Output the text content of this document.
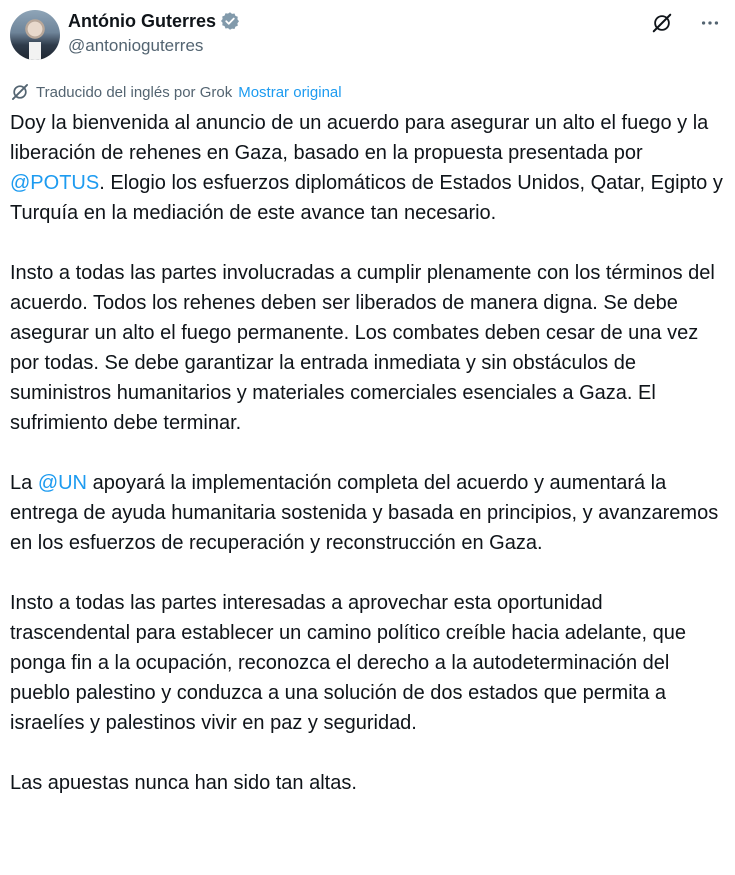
António Guterres
@antonioguterres
Traducido del inglés por Grok Mostrar original

Doy la bienvenida al anuncio de un acuerdo para asegurar un alto el fuego y la liberación de rehenes en Gaza, basado en la propuesta presentada por @POTUS. Elogio los esfuerzos diplomáticos de Estados Unidos, Qatar, Egipto y Turquía en la mediación de este avance tan necesario.

Insto a todas las partes involucradas a cumplir plenamente con los términos del acuerdo. Todos los rehenes deben ser liberados de manera digna. Se debe asegurar un alto el fuego permanente. Los combates deben cesar de una vez por todas. Se debe garantizar la entrada inmediata y sin obstáculos de suministros humanitarios y materiales comerciales esenciales a Gaza. El sufrimiento debe terminar.

La @UN apoyará la implementación completa del acuerdo y aumentará la entrega de ayuda humanitaria sostenida y basada en principios, y avanzaremos en los esfuerzos de recuperación y reconstrucción en Gaza.

Insto a todas las partes interesadas a aprovechar esta oportunidad trascendental para establecer un camino político creíble hacia adelante, que ponga fin a la ocupación, reconozca el derecho a la autodeterminación del pueblo palestino y conduzca a una solución de dos estados que permita a israelíes y palestinos vivir en paz y seguridad.

Las apuestas nunca han sido tan altas.
